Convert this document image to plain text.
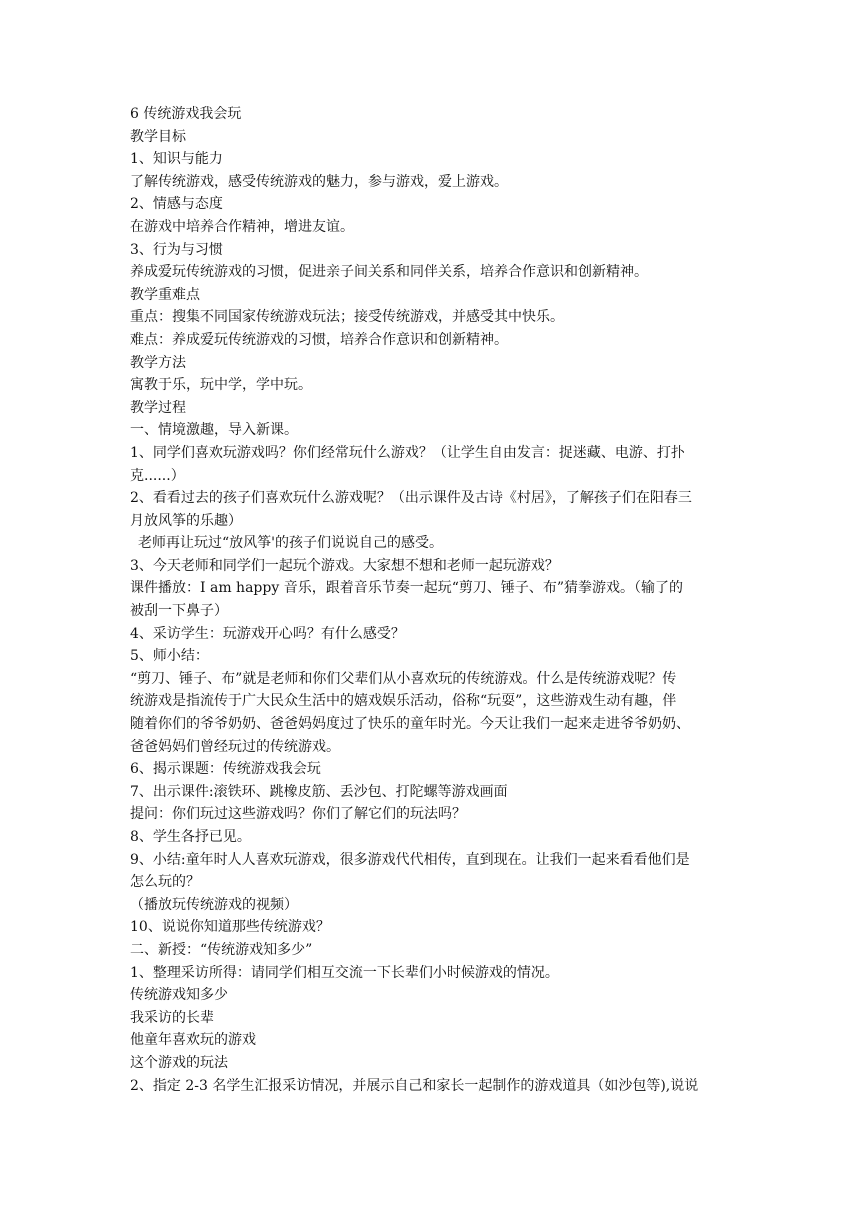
6 传统游戏我会玩
教学目标
1、知识与能力
了解传统游戏，感受传统游戏的魅力，参与游戏，爱上游戏。
2、情感与态度
在游戏中培养合作精神，增进友谊。
3、行为与习惯
养成爱玩传统游戏的习惯，促进亲子间关系和同伴关系，培养合作意识和创新精神。
教学重难点
重点：搜集不同国家传统游戏玩法；接受传统游戏，并感受其中快乐。
难点：养成爱玩传统游戏的习惯，培养合作意识和创新精神。
教学方法
寓教于乐，玩中学，学中玩。
教学过程
一、情境激趣，导入新课。
1、同学们喜欢玩游戏吗？你们经常玩什么游戏？（让学生自由发言：捉迷藏、电游、打扑
克......）
2、看看过去的孩子们喜欢玩什么游戏呢？（出示课件及古诗《村居》，了解孩子们在阳春三
月放风筝的乐趣）
老师再让玩过“放风筝'的孩子们说说自己的感受。
3、今天老师和同学们一起玩个游戏。大家想不想和老师一起玩游戏？
课件播放：I am happy 音乐，跟着音乐节奏一起玩“剪刀、锤子、布”猜拳游戏。（输了的
被刮一下鼻子）
4、采访学生：玩游戏开心吗？有什么感受？
5、师小结：
“剪刀、锤子、布”就是老师和你们父辈们从小喜欢玩的传统游戏。什么是传统游戏呢？传
统游戏是指流传于广大民众生活中的嬉戏娱乐活动，俗称“玩耍”，这些游戏生动有趣，伴
随着你们的爷爷奶奶、爸爸妈妈度过了快乐的童年时光。今天让我们一起来走进爷爷奶奶、
爸爸妈妈们曾经玩过的传统游戏。
6、揭示课题：传统游戏我会玩
7、出示课件:滚铁环、跳橡皮筋、丢沙包、打陀螺等游戏画面
提问：你们玩过这些游戏吗？你们了解它们的玩法吗？
8、学生各抒已见。
9、小结:童年时人人喜欢玩游戏，很多游戏代代相传，直到现在。让我们一起来看看他们是
怎么玩的？
（播放玩传统游戏的视频）
10、说说你知道那些传统游戏？
二、新授：“传统游戏知多少”
1、整理采访所得：请同学们相互交流一下长辈们小时候游戏的情况。
传统游戏知多少
我采访的长辈
他童年喜欢玩的游戏
这个游戏的玩法
2、指定 2-3 名学生汇报采访情况，并展示自己和家长一起制作的游戏道具（如沙包等),说说
